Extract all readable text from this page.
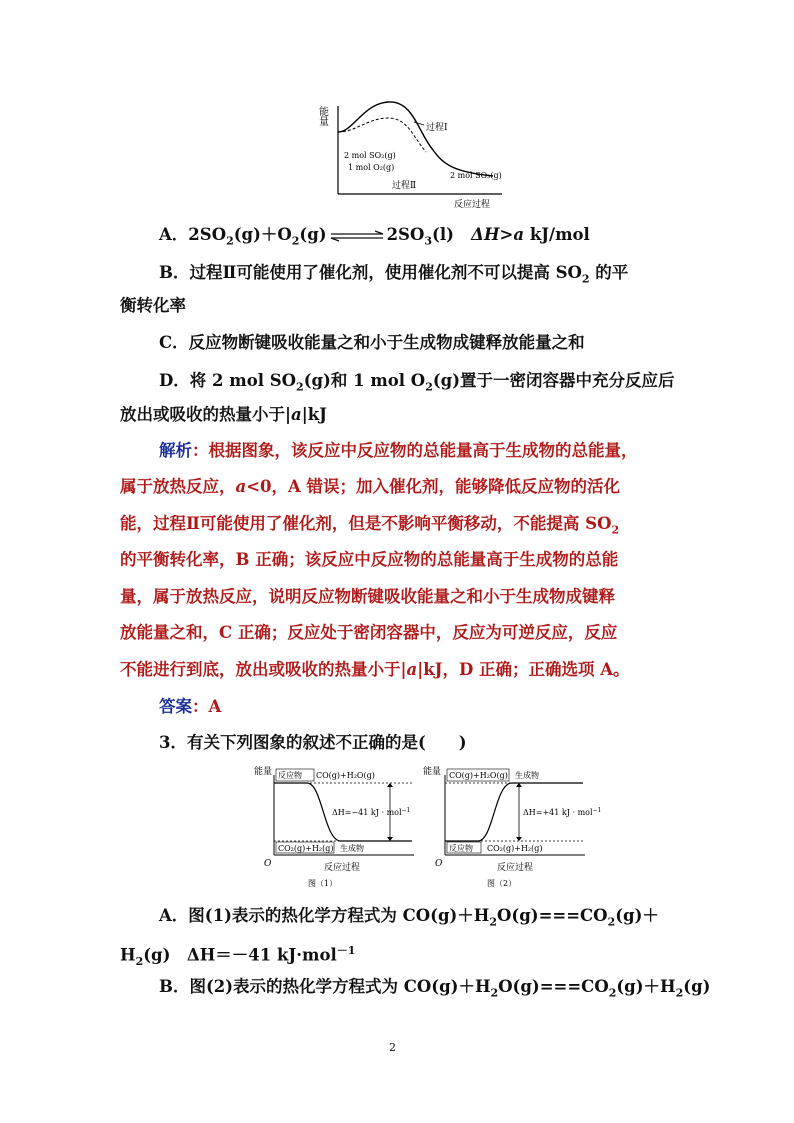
能量
过程Ⅰ
2 mol SO₂(g)
1 mol O₂(g)
过程Ⅱ
2 mol SO₃(g)
反应过程
A．$2SO_2(g)+O_2(g)$ ⇌ $2SO_3(l)$ ΔH>a kJ/mol
B．过程Ⅱ可能使用了催化剂，使用催化剂不可以提高 $SO_2$ 的平
衡转化率
C．反应物断键吸收能量之和小于生成物成键释放能量之和
D．将 2 mol $SO_2(g)$和 1 mol $O_2(g)$置于一密闭容器中充分反应后
放出或吸收的热量小于|a|kJ
解析：根据图象，该反应中反应物的总能量高于生成物的总能量，
属于放热反应，a<0，A 错误；加入催化剂，能够降低反应物的活化
能，过程Ⅱ可能使用了催化剂，但是不影响平衡移动，不能提高 $SO_2$
的平衡转化率，B 正确；该反应中反应物的总能量高于生成物的总能
量，属于放热反应，说明反应物断键吸收能量之和小于生成物成键释
放能量之和，C 正确；反应处于密闭容器中，反应为可逆反应，反应
不能进行到底，放出或吸收的热量小于|a|kJ，D 正确；正确选项 A。
答案：A
3．有关下列图象的叙述不正确的是(　　)
能量 反应物 CO(g)+H₂O(g)
ΔH=−41 kJ · mol$^{-1}$
CO₂(g)+H₂(g) 生成物
O	反应过程
图（1）
能量 CO(g)+H₂O(g) 生成物
ΔH=+41 kJ · mol$^{-1}$
反应物 CO₂(g)+H₂(g)
O	反应过程
图（2）
A．图(1)表示的热化学方程式为 $CO(g)+H_2O(g)===CO_2(g)+$
$H_2(g)$　ΔH＝－41 kJ·mol$^{-1}$
B．图(2)表示的热化学方程式为 $CO(g)+H_2O(g)===CO_2(g)+H_2(g)$
2
